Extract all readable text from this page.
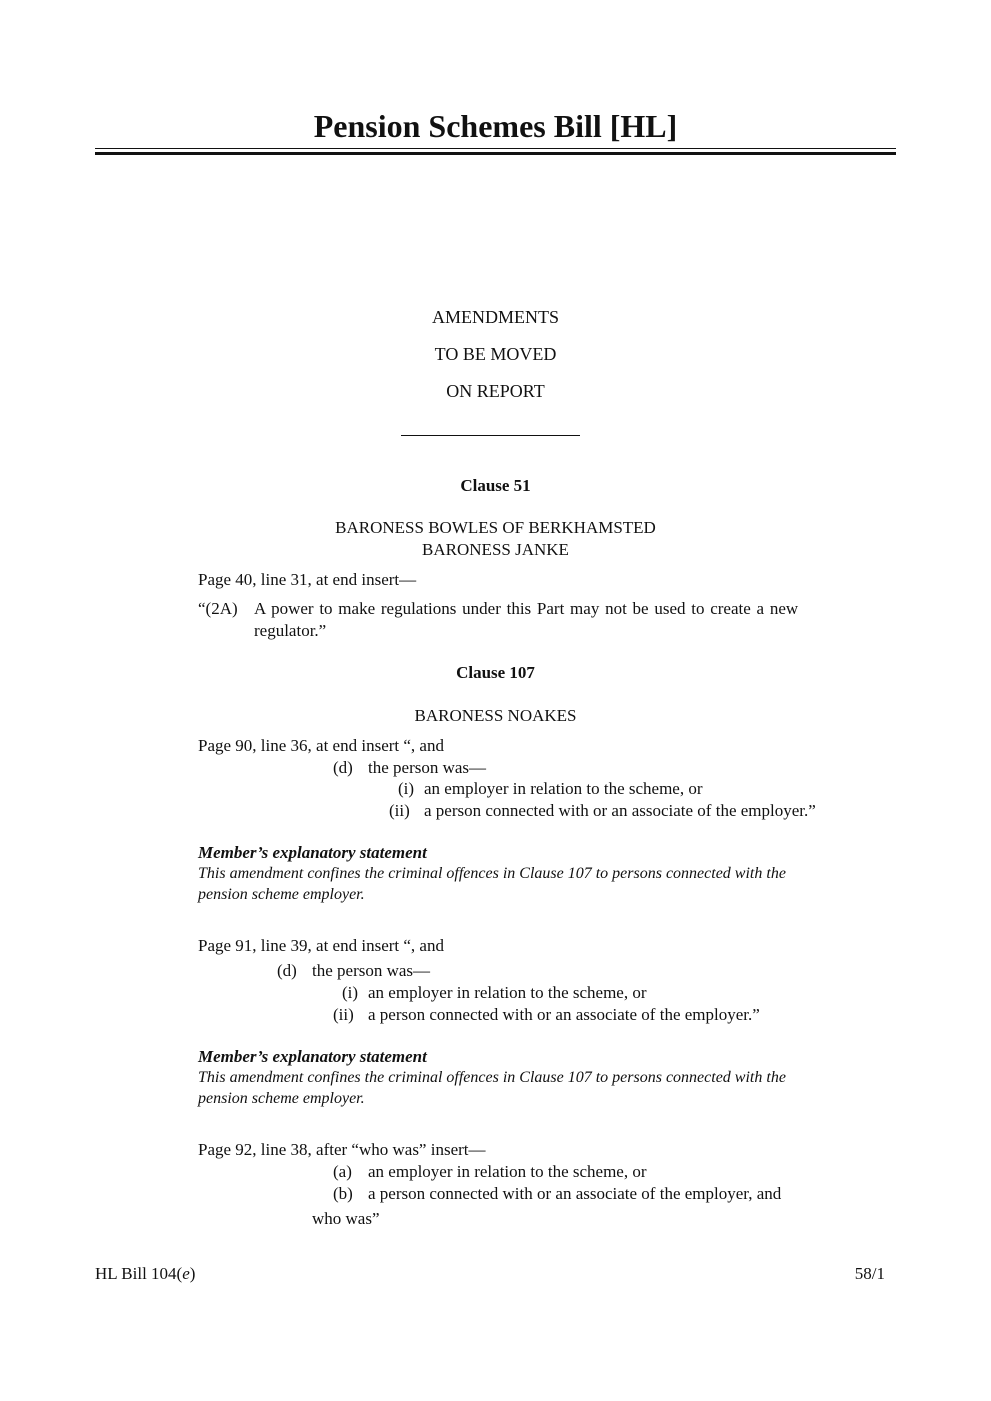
Pension Schemes Bill [HL]
AMENDMENTS
TO BE MOVED
ON REPORT
Clause 51
BARONESS BOWLES OF BERKHAMSTED
BARONESS JANKE
Page 40, line 31, at end insert—
“(2A) A power to make regulations under this Part may not be used to create a new
regulator.”
Clause 107
BARONESS NOAKES
Page 90, line 36, at end insert “, and
(d) the person was—
(i) an employer in relation to the scheme, or
(ii) a person connected with or an associate of the employer.”
Member’s explanatory statement
This amendment confines the criminal offences in Clause 107 to persons connected with the
pension scheme employer.
Page 91, line 39, at end insert “, and
(d) the person was—
(i) an employer in relation to the scheme, or
(ii) a person connected with or an associate of the employer.”
Member’s explanatory statement
This amendment confines the criminal offences in Clause 107 to persons connected with the
pension scheme employer.
Page 92, line 38, after “who was” insert—
(a) an employer in relation to the scheme, or
(b) a person connected with or an associate of the employer, and
who was”
HL Bill 104(e)	58/1
